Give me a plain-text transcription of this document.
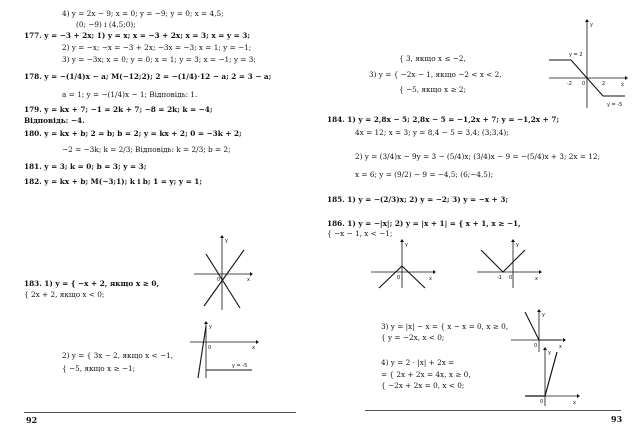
4) y = 2x − 9; x = 0; y = −9; y = 0; x = 4,5;
(0; −9) і (4,5;0);
177. y = −3 + 2x; 1) y = x; x = −3 + 2x; x = 3; x = y = 3;
2) y = −x; −x = −3 + 2x; −3x = −3; x = 1; y = −1;
3) y = −3x; x = 0; y = 0; x = 1; y = 3; x = −1; y = 3;
178. y = −(1/4)x − a; M(−12;2); 2 = −(1/4)·12 − a; 2 = 3 − a;
a = 1; y = −(1/4)x − 1; Відповідь: 1.
179. y = kx + 7; −1 = 2k + 7; −8 = 2k; k = −4;
Відповідь: −4.
180. y = kx + b; 2 = b; b = 2; y = kx + 2; 0 = −3k + 2;
−2 = −3k; k = 2/3; Відповідь: k = 2/3; b = 2;
181. y = 3; k = 0; b = 3; y = 3;
182. y = kx + b; M(−3;1); k і b; 1 = y; y = 1;
183. 1) y = { −x + 2, якщо x ≥ 0,
{ 2x + 2, якщо x < 0;
2) y = { 3x − 2, якщо x < −1,
{ −5, якщо x ≥ −1;
y
x
0
y
x
0
y = -5
92
{ 3, якщо x ≤ −2,
3) y = { −2x − 1, якщо −2 < x < 2,
{ −5, якщо x ≥ 2;
184. 1) y = 2,8x − 5; 2,8x − 5 = −1,2x + 7; y = −1,2x + 7;
4x = 12; x = 3; y = 8,4 − 5 = 3,4; (3;3,4);
2) y = (3/4)x − 9y = 3 − (5/4)x; (3/4)x − 9 = −(5/4)x + 3; 2x = 12;
x = 6; y = (9/2) − 9 = −4,5; (6;−4,5);
185. 1) y = −(2/3)x; 2) y = −2; 3) y = −x + 3;
186. 1) y = −|x|; 2) y = |x + 1| = { x + 1, x ≥ −1,
{ −x − 1, x < −1;
3) y = |x| − x = { x − x = 0, x ≥ 0,
{ y = −2x, x < 0;
4) y = 2 · |x| + 2x =
= { 2x + 2x = 4x, x ≥ 0,
{ −2x + 2x = 0, x < 0;
y
x
0
-2	2
y = 2
y = -5
y
x
0
y
x
-1 0
y
x
0
y
x
0
93
